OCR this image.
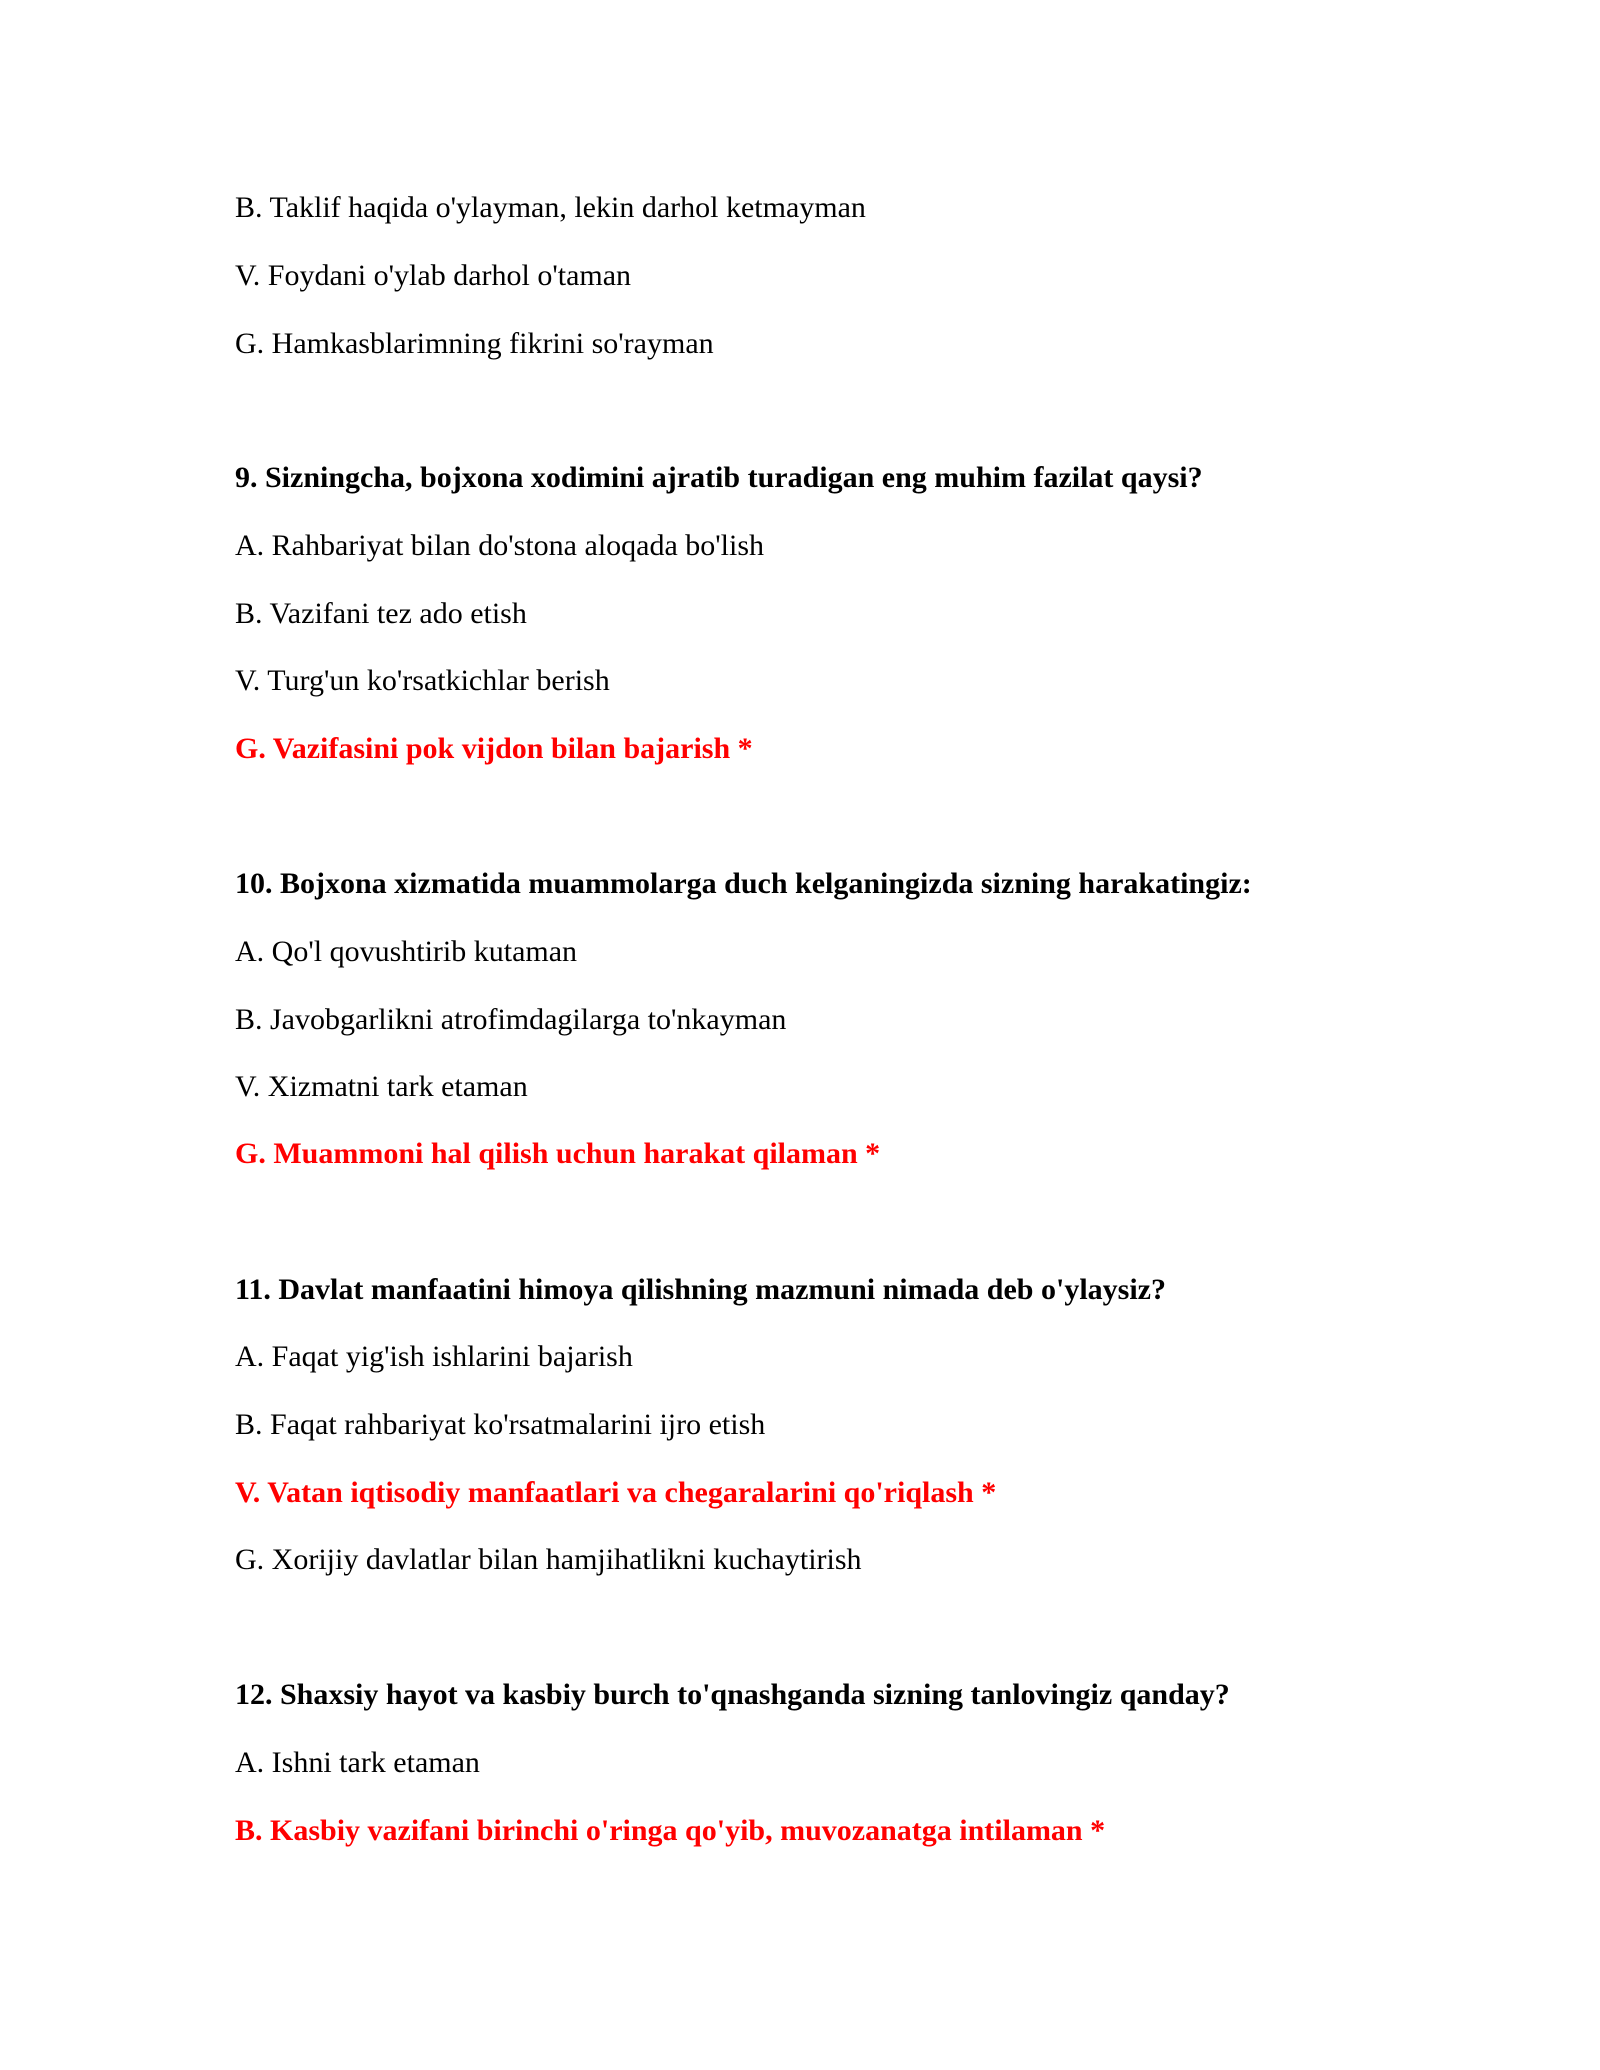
B. Taklif haqida o'ylayman, lekin darhol ketmayman
V. Foydani o'ylab darhol o'taman
G. Hamkasblarimning fikrini so'rayman
9. Sizningcha, bojxona xodimini ajratib turadigan eng muhim fazilat qaysi?
A. Rahbariyat bilan do'stona aloqada bo'lish
B. Vazifani tez ado etish
V. Turg'un ko'rsatkichlar berish
G. Vazifasini pok vijdon bilan bajarish *
10. Bojxona xizmatida muammolarga duch kelganingizda sizning harakatingiz:
A. Qo'l qovushtirib kutaman
B. Javobgarlikni atrofimdagilarga to'nkayman
V. Xizmatni tark etaman
G. Muammoni hal qilish uchun harakat qilaman *
11. Davlat manfaatini himoya qilishning mazmuni nimada deb o'ylaysiz?
A. Faqat yig'ish ishlarini bajarish
B. Faqat rahbariyat ko'rsatmalarini ijro etish
V. Vatan iqtisodiy manfaatlari va chegaralarini qo'riqlash *
G. Xorijiy davlatlar bilan hamjihatlikni kuchaytirish
12. Shaxsiy hayot va kasbiy burch to'qnashganda sizning tanlovingiz qanday?
A. Ishni tark etaman
B. Kasbiy vazifani birinchi o'ringa qo'yib, muvozanatga intilaman *
